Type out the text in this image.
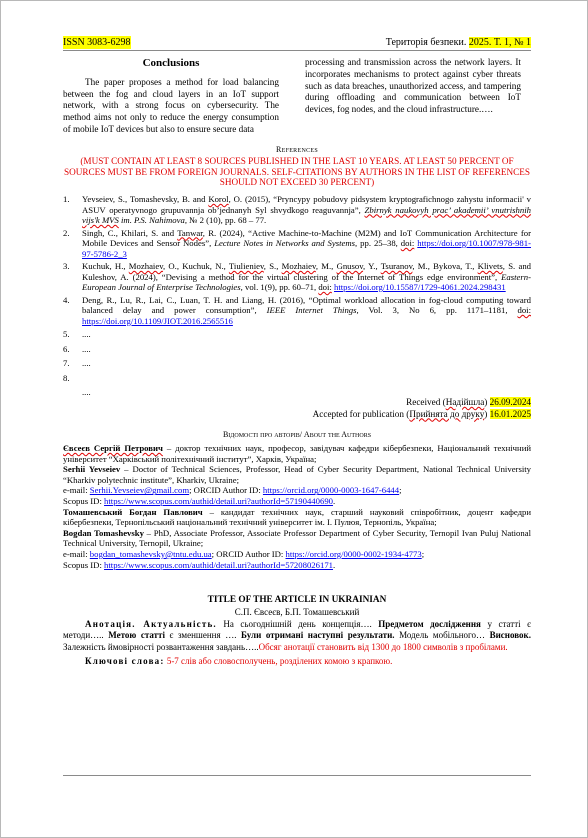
ISSN 3083-6298	Територія безпеки. 2025. Т. 1, № 1
Conclusions

The paper proposes a method for load balancing between the fog and cloud layers in an IoT support network, with a strong focus on cybersecurity. The method aims not only to reduce the energy consumption of mobile IoT devices but also to ensure secure data

processing and transmission across the network layers. It incorporates mechanisms to protect against cyber threats such as data breaches, unauthorized access, and tampering during offloading and communication between IoT devices, fog nodes, and the cloud infrastructure.….

References
(MUST CONTAIN AT LEAST 8 SOURCES PUBLISHED IN THE LAST 10 YEARS. AT LEAST 50 PERCENT OF SOURCES MUST BE FROM FOREIGN JOURNALS. SELF-CITATIONS BY AUTHORS IN THE LIST OF REFERENCES SHOULD NOT EXCEED 30 PERCENT)
1.	Yevseiev, S., Tomashevsky, B. and Korol, O. (2015), “Pryncypy pobudovy pidsystem kryptografichnogo zahystu informacii' v ASUV operatyvnogo grupuvannja ob’jednanyh Syl shvydkogo reaguvannja”, Zbirnyk naukovyh prac’ akademii’ vnutrishnih vijs'k MVS im. P.S. Nahimova, № 2 (10), pp. 68 – 77.
2.	Singh, C., Khilari, S. and Tanwar, R. (2024), “Active Machine-to-Machine (M2M) and IoT Communication Architecture for Mobile Devices and Sensor Nodes”, Lecture Notes in Networks and Systems, pp. 25–38, doi: https://doi.org/10.1007/978-981-97-5786-2_3
3.	Kuchuk, H., Mozhaiev, O., Kuchuk, N., Tiulieniev, S., Mozhaiev, M., Gnusov, Y., Tsuranov, M., Bykova, T., Klivets, S. and Kuleshov, A. (2024), “Devising a method for the virtual clustering of the Internet of Things edge environment”, Eastern-European Journal of Enterprise Technologies, vol. 1(9), pp. 60–71, doi: https://doi.org/10.15587/1729-4061.2024.298431
4.	Deng, R., Lu, R., Lai, C., Luan, T. H. and Liang, H. (2016), “Optimal workload allocation in fog-cloud computing toward balanced delay and power consumption”, IEEE Internet Things, Vol. 3, No 6, pp. 1171–1181, doi: https://doi.org/10.1109/JIOT.2016.2565516
5.	....
6.	....
7.	....
8.
....
Received (Надійшла) 26.09.2024
Accepted for publication (Прийнята до друку) 16.01.2025
Відомості про авторів/ About the Authors

Євсеєв Сергій Петрович – доктор технічних наук, професор, завідувач кафедри кібербезпеки, Національний технічний університет “Харківський політехнічний інститут”, Харків, Україна;

Serhii Yevseiev – Doctor of Technical Sciences, Professor, Head of Cyber Security Department, National Technical University “Kharkiv polytechnic institute”, Kharkiv, Ukraine;

e-mail: Serhii.Yevseiev@gmail.com; ORCID Author ID: https://orcid.org/0000-0003-1647-6444;

Scopus ID: https://www.scopus.com/authid/detail.uri?authorId=57190440690.

Томашевський Богдан Павлович – кандидат технічних наук, старший науковий співробітник, доцент кафедри кібербезпеки, Тернопільський національний технічний університет ім. І. Пулюя, Тернопіль, Україна;

Bogdan Tomashevsky – PhD, Associate Professor, Associate Professor Department of Cyber Security, Ternopil Ivan Puluj National Technical University, Ternopil, Ukraine;

e-mail: bogdan_tomashevsky@tntu.edu.ua; ORCID Author ID: https://orcid.org/0000-0002-1934-4773;

Scopus ID: https://www.scopus.com/authid/detail.uri?authorId=57208026171.

TITLE OF THE ARTICLE IN UKRAINIAN
С.П. Євсеєв, Б.П. Томашевський

Анотація. Актуальність. На сьогоднішній день концепція…. Предметом дослідження у статті є методи….. Метою статті є зменшення …. Були отримані наступні результати. Модель мобільного… Висновок. Залежність ймовірності розвантаження завдань…..Обсяг анотації становить від 1300 до 1800 символів з пробілами.

Ключові слова: 5-7 слів або словосполучень, розділених комою з крапкою.
